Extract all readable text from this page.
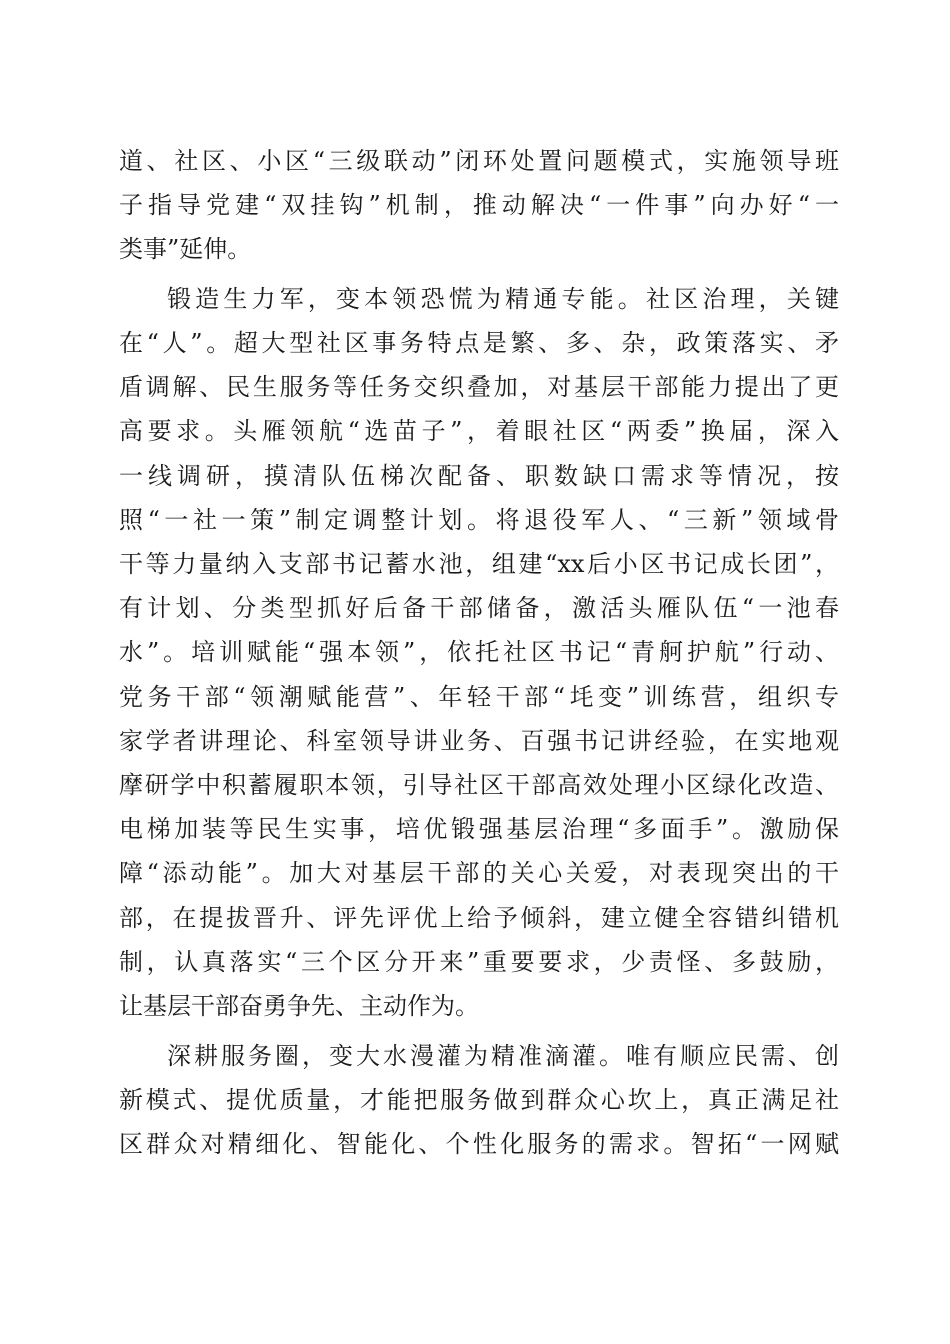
道、社区、小区“三级联动”闭环处置问题模式，实施领导班
子指导党建“双挂钩”机制，推动解决“一件事”向办好“一
类事”延伸。
锻造生力军，变本领恐慌为精通专能。社区治理，关键
在“人”。超大型社区事务特点是繁、多、杂，政策落实、矛
盾调解、民生服务等任务交织叠加，对基层干部能力提出了更
高要求。头雁领航“选苗子”，着眼社区“两委”换届，深入
一线调研，摸清队伍梯次配备、职数缺口需求等情况，按
照“一社一策”制定调整计划。将退役军人、“三新”领域骨
干等力量纳入支部书记蓄水池，组建“xx后小区书记成长团”，
有计划、分类型抓好后备干部储备，激活头雁队伍“一池春
水”。培训赋能“强本领”，依托社区书记“青舸护航”行动、
党务干部“领潮赋能营”、年轻干部“㘪变”训练营，组织专
家学者讲理论、科室领导讲业务、百强书记讲经验，在实地观
摩研学中积蓄履职本领，引导社区干部高效处理小区绿化改造、
电梯加装等民生实事，培优锻强基层治理“多面手”。激励保
障“添动能”。加大对基层干部的关心关爱，对表现突出的干
部，在提拔晋升、评先评优上给予倾斜，建立健全容错纠错机
制，认真落实“三个区分开来”重要要求，少责怪、多鼓励，
让基层干部奋勇争先、主动作为。
深耕服务圈，变大水漫灌为精准滴灌。唯有顺应民需、创
新模式、提优质量，才能把服务做到群众心坎上，真正满足社
区群众对精细化、智能化、个性化服务的需求。智拓“一网赋
